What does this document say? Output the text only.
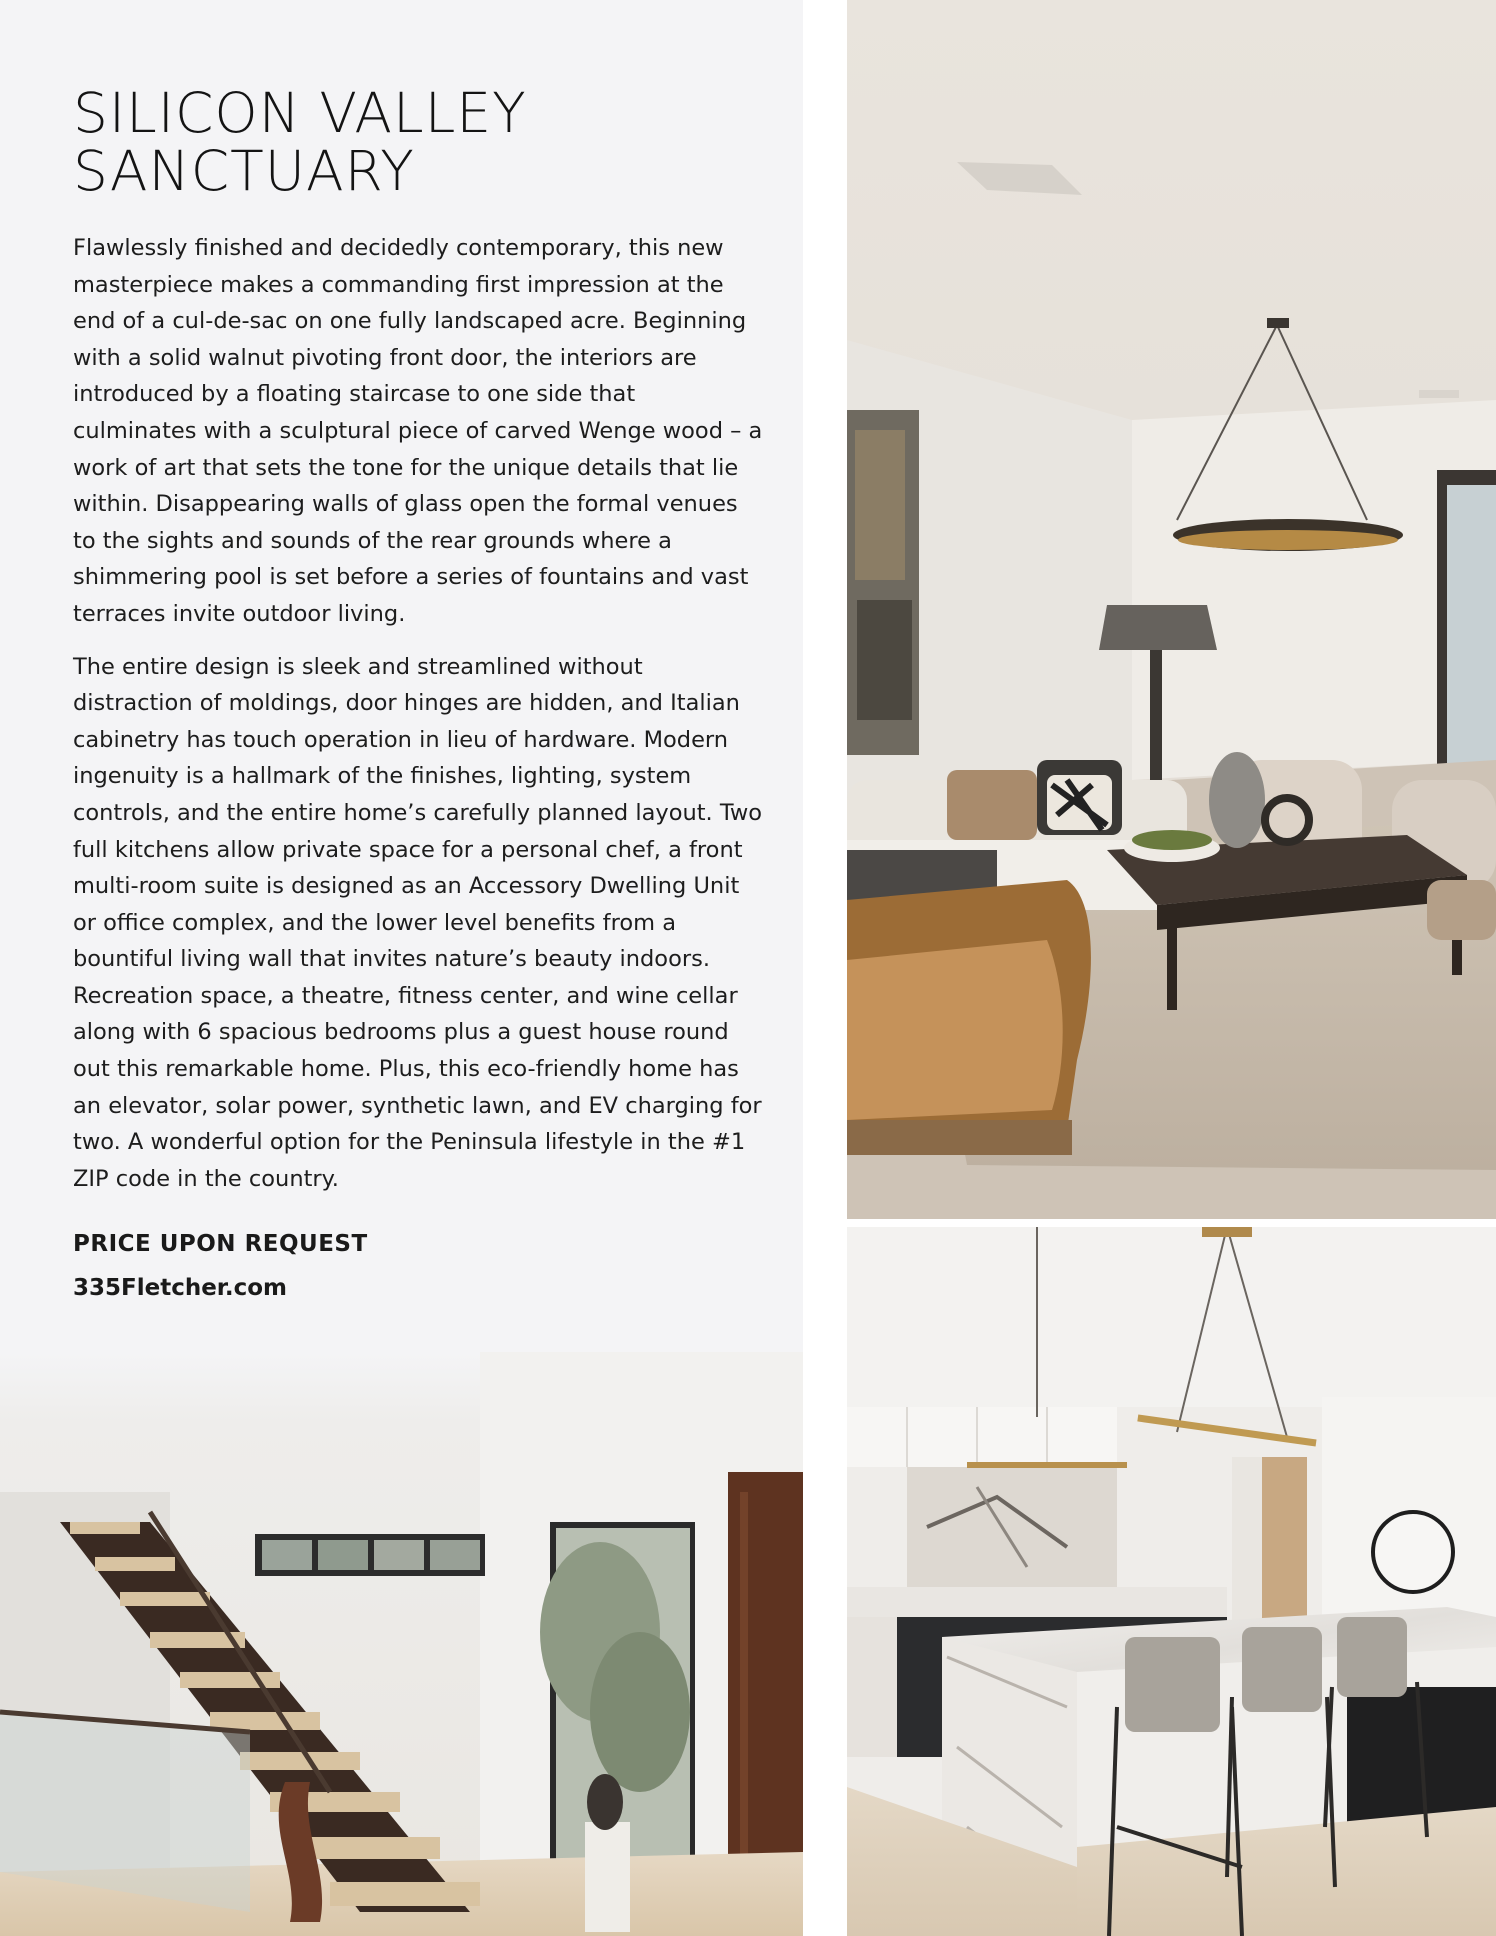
SILICON VALLEY
SANCTUARY

Flawlessly finished and decidedly contemporary, this new masterpiece makes a commanding first impression at the end of a cul-de-sac on one fully landscaped acre. Beginning with a solid walnut pivoting front door, the interiors are introduced by a floating staircase to one side that culminates with a sculptural piece of carved Wenge wood – a work of art that sets the tone for the unique details that lie within. Disappearing walls of glass open the formal venues to the sights and sounds of the rear grounds where a shimmering pool is set before a series of fountains and vast terraces invite outdoor living.

The entire design is sleek and streamlined without distraction of moldings, door hinges are hidden, and Italian cabinetry has touch operation in lieu of hardware. Modern ingenuity is a hallmark of the finishes, lighting, system controls, and the entire home’s carefully planned layout. Two full kitchens allow private space for a personal chef, a front multi-room suite is designed as an Accessory Dwelling Unit or office complex, and the lower level benefits from a bountiful living wall that invites nature’s beauty indoors. Recreation space, a theatre, fitness center, and wine cellar along with 6 spacious bedrooms plus a guest house round out this remarkable home. Plus, this eco-friendly home has an elevator, solar power, synthetic lawn, and EV charging for two. A wonderful option for the Peninsula lifestyle in the #1 ZIP code in the country.

PRICE UPON REQUEST
335Fletcher.com
